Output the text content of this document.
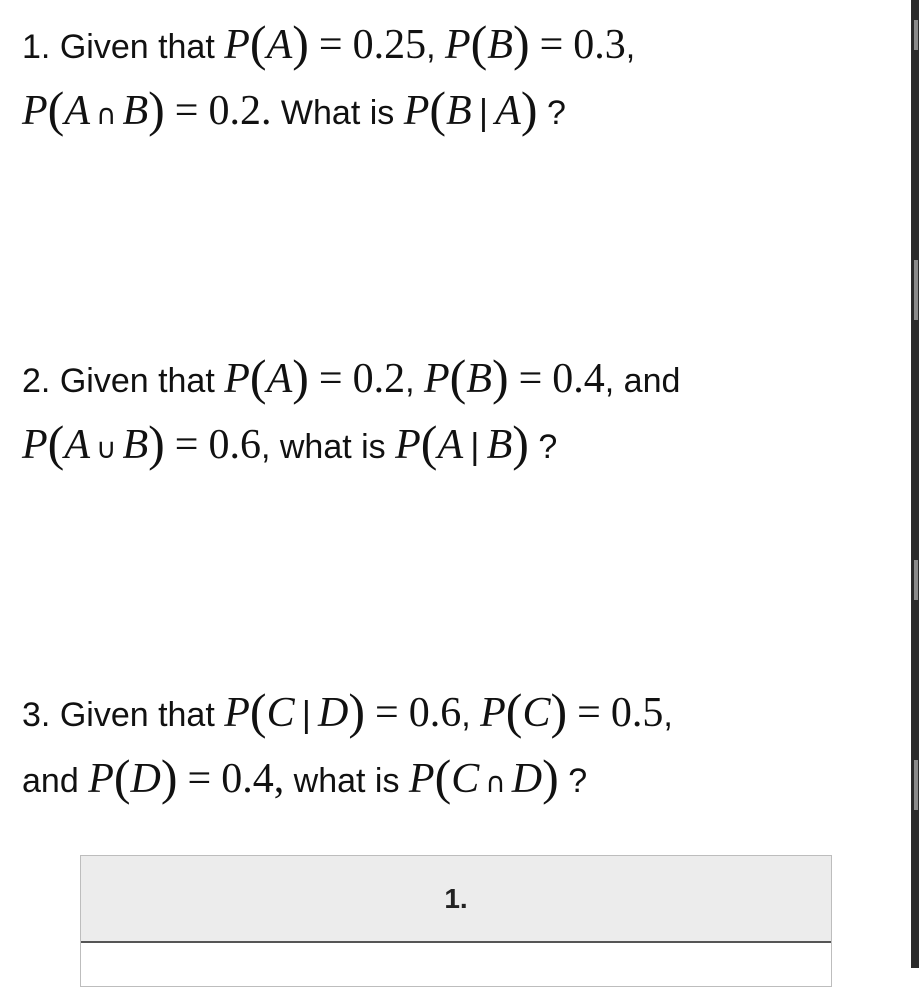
1. Given that P(A) = 0.25, P(B) = 0.3,
P(A ∩ B) = 0.2. What is P(B | A) ?
2. Given that P(A) = 0.2, P(B) = 0.4, and
P(A ∪ B) = 0.6, what is P(A | B) ?
3. Given that P(C | D) = 0.6, P(C) = 0.5,
and P(D) = 0.4, what is P(C ∩ D) ?
1.
